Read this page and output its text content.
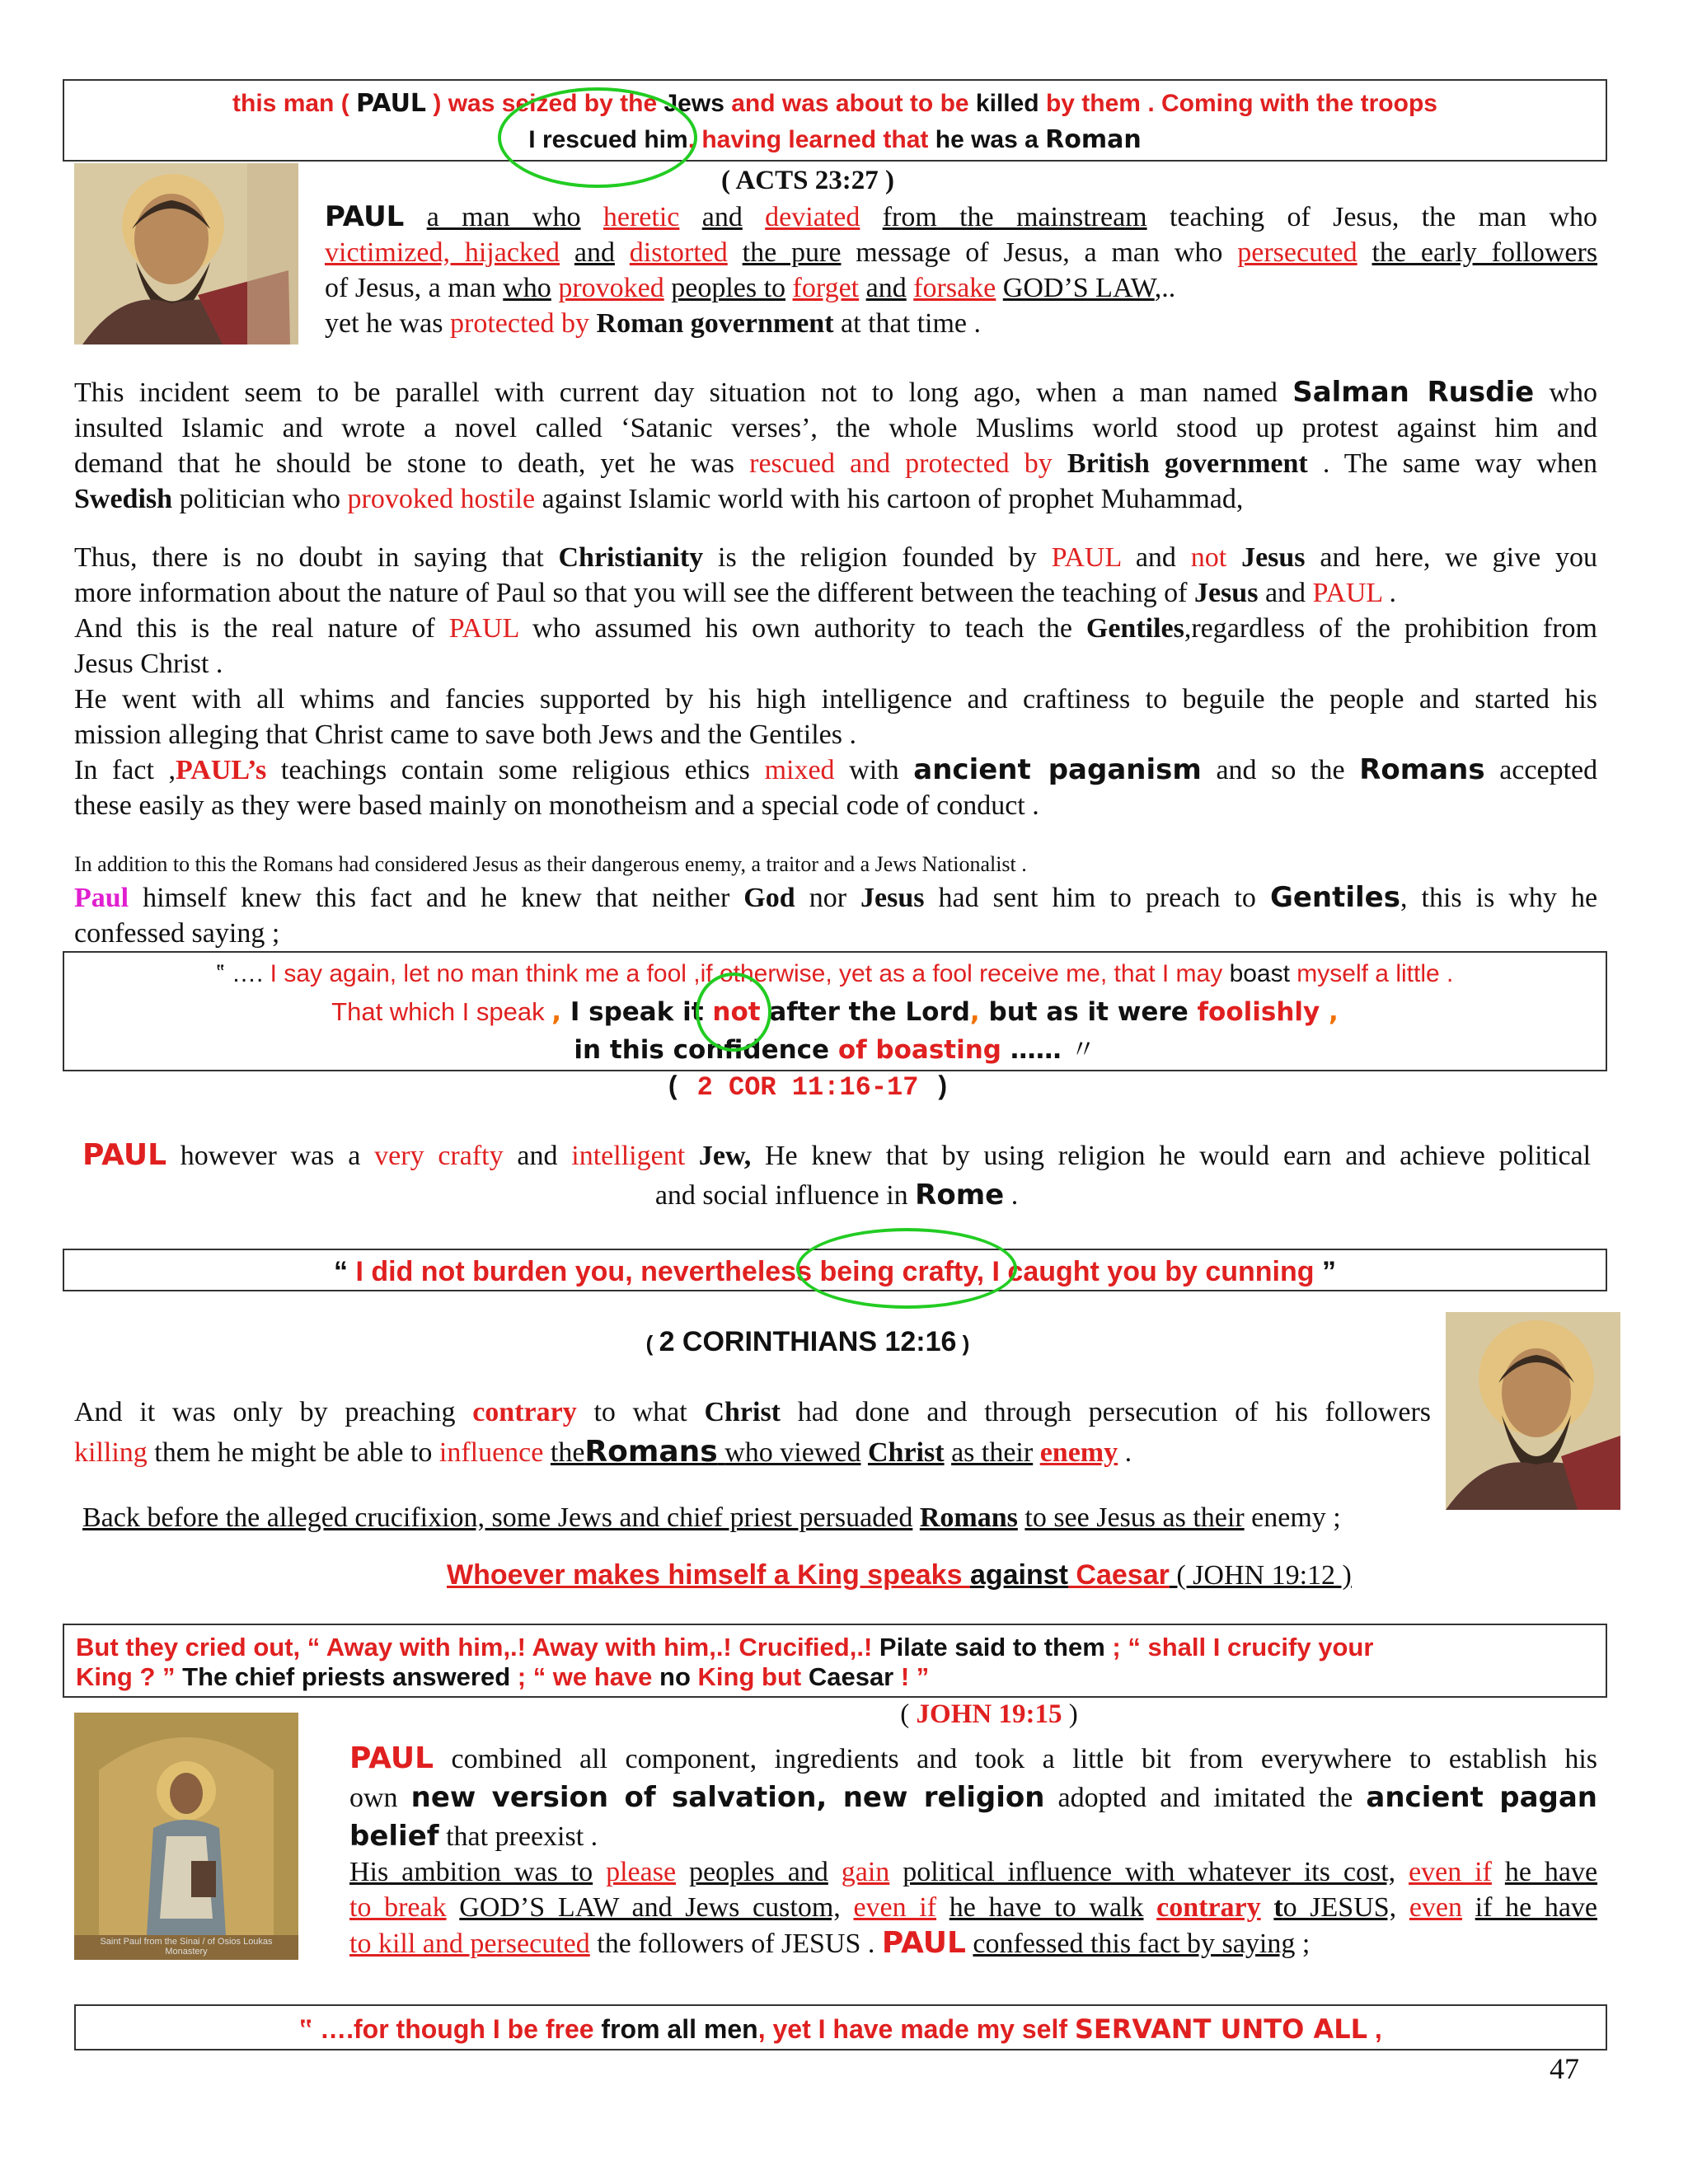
this man ( PAUL ) was seized by the Jews and was about to be killed by them . Coming with the troops
I rescued him, having learned that he was a Roman
( ACTS 23:27 )
PAUL a man who heretic and deviated from the mainstream teaching of Jesus, the man who
victimized, hijacked and distorted the pure message of Jesus, a man who persecuted the early followers
of Jesus, a man who provoked peoples to forget and forsake GOD’S LAW,..
yet he was protected by Roman government at that time .
This incident seem to be parallel with current day situation not to long ago, when a man named Salman Rusdie who
insulted Islamic and wrote a novel called ‘Satanic verses’, the whole Muslims world stood up protest against him and
demand that he should be stone to death, yet he was rescued and protected by British government . The same way when
Swedish politician who provoked hostile against Islamic world with his cartoon of prophet Muhammad,
Thus, there is no doubt in saying that Christianity is the religion founded by PAUL and not Jesus and here, we give you
more information about the nature of Paul so that you will see the different between the teaching of Jesus and PAUL .
And this is the real nature of PAUL who assumed his own authority to teach the Gentiles,regardless of the prohibition from
Jesus Christ .
He went with all whims and fancies supported by his high intelligence and craftiness to beguile the people and started his
mission alleging that Christ came to save both Jews and the Gentiles .
In fact ,PAUL’s teachings contain some religious ethics mixed with ancient paganism and so the Romans accepted
these easily as they were based mainly on monotheism and a special code of conduct .
In addition to this the Romans had considered Jesus as their dangerous enemy, a traitor and a Jews Nationalist .
Paul himself knew this fact and he knew that neither God nor Jesus had sent him to preach to Gentiles, this is why he
confessed saying ;
‟ …. I say again, let no man think me a fool ,if otherwise, yet as a fool receive me, that I may boast myself a little .
That which I speak , I speak it not after the Lord, but as it were foolishly ,
in this confidence of boasting …… 〃
( 2 COR 11:16-17 )
PAUL however was a very crafty and intelligent Jew, He knew that by using religion he would earn and achieve political
and social influence in Rome .
“ I did not burden you, nevertheless being crafty, I caught you by cunning ”
( 2 CORINTHIANS 12:16 )
And it was only by preaching contrary to what Christ had done and through persecution of his followers
killing them he might be able to influence theRomans who viewed Christ as their enemy .
Back before the alleged crucifixion, some Jews and chief priest persuaded Romans to see Jesus as their enemy ;
Whoever makes himself a King speaks against Caesar ( JOHN 19:12 )
But they cried out, “ Away with him,.! Away with him,.! Crucified,.! Pilate said to them ; “ shall I crucify your
King ? ” The chief priests answered ; “ we have no King but Caesar ! ”
( JOHN 19:15 )
Saint Paul from the Sinai / of Osios Loukas Monastery
PAUL combined all component, ingredients and took a little bit from everywhere to establish his
own new version of salvation, new religion adopted and imitated the ancient pagan
belief that preexist .
His ambition was to please peoples and gain political influence with whatever its cost, even if he have
to break GOD’S LAW and Jews custom, even if he have to walk contrary to JESUS, even if he have
to kill and persecuted the followers of JESUS . PAUL confessed this fact by saying ;
‟ ….for though I be free from all men, yet I have made my self SERVANT UNTO ALL ,
47
